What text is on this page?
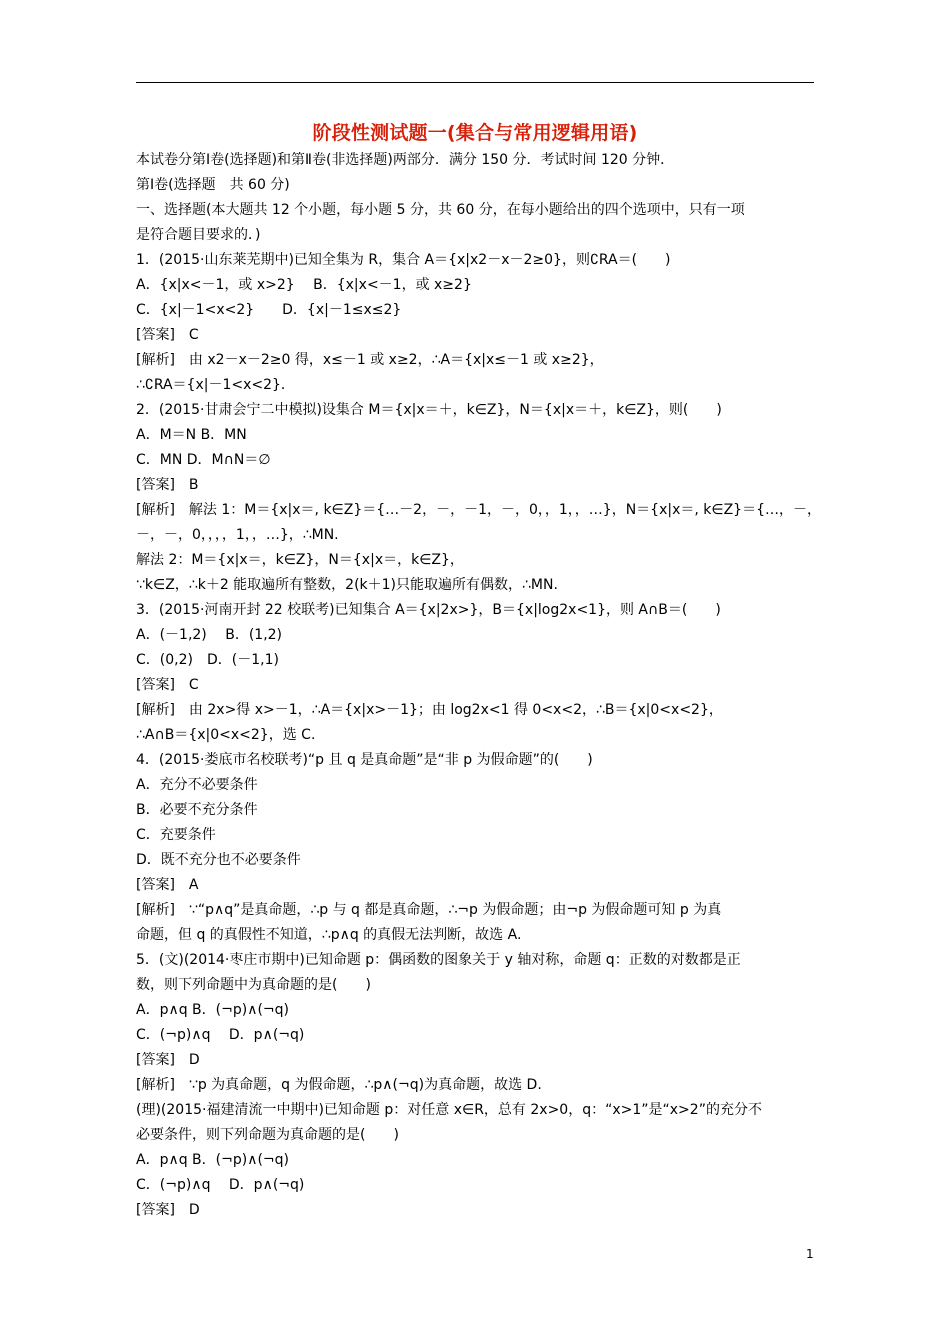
阶段性测试题一(集合与常用逻辑用语)
本试卷分第Ⅰ卷(选择题)和第Ⅱ卷(非选择题)两部分．满分 150 分．考试时间 120 分钟．
第Ⅰ卷(选择题　共 60 分)
一、选择题(本大题共 12 个小题，每小题 5 分，共 60 分，在每小题给出的四个选项中，只有一项
是符合题目要求的．)
1．(2015·山东莱芜期中)已知全集为 R，集合 A＝{x|x2－x－2≥0}，则∁RA＝(　　)
A．{x|x<－1，或 x>2}　 B．{x|x<－1，或 x≥2}
C．{x|－1<x<2}　　D．{x|－1≤x≤2}
[答案]　C
[解析]　由 x2－x－2≥0 得，x≤－1 或 x≥2，∴A＝{x|x≤－1 或 x≥2}，
∴∁RA＝{x|－1<x<2}．
2．(2015·甘肃会宁二中模拟)设集合 M＝{x|x＝＋，k∈Z}，N＝{x|x＝＋，k∈Z}，则(　　)
A．M＝N B．MN
C．MN D．M∩N＝∅
[答案]　B
[解析]　解法 1：M＝{x|x＝, k∈Z}＝{…－2，－，－1，－，0，，1，，…}，N＝{x|x＝, k∈Z}＝{…，－，
－，－，0，，，，1，，…}，∴MN.
解法 2：M＝{x|x＝，k∈Z}，N＝{x|x＝，k∈Z}，
∵k∈Z，∴k＋2 能取遍所有整数，2(k＋1)只能取遍所有偶数，∴MN.
3．(2015·河南开封 22 校联考)已知集合 A＝{x|2x>}，B＝{x|log2x<1}，则 A∩B＝(　　)
A．(－1,2)　 B．(1,2)
C．(0,2)　D．(－1,1)
[答案]　C
[解析]　由 2x>得 x>－1，∴A＝{x|x>－1}；由 log2x<1 得 0<x<2，∴B＝{x|0<x<2}，
∴A∩B＝{x|0<x<2}，选 C.
4．(2015·娄底市名校联考)“p 且 q 是真命题”是“非 p 为假命题”的(　　)
A．充分不必要条件
B．必要不充分条件
C．充要条件
D．既不充分也不必要条件
[答案]　A
[解析]　∵“p∧q”是真命题，∴p 与 q 都是真命题，∴¬p 为假命题；由¬p 为假命题可知 p 为真
命题，但 q 的真假性不知道，∴p∧q 的真假无法判断，故选 A.
5．(文)(2014·枣庄市期中)已知命题 p：偶函数的图象关于 y 轴对称，命题 q：正数的对数都是正
数，则下列命题中为真命题的是(　　)
A．p∧q B．(¬p)∧(¬q)
C．(¬p)∧q　 D．p∧(¬q)
[答案]　D
[解析]　∵p 为真命题，q 为假命题，∴p∧(¬q)为真命题，故选 D.
(理)(2015·福建清流一中期中)已知命题 p：对任意 x∈R，总有 2x>0，q：“x>1”是“x>2”的充分不
必要条件，则下列命题为真命题的是(　　)
A．p∧q B．(¬p)∧(¬q)
C．(¬p)∧q　 D．p∧(¬q)
[答案]　D
1
